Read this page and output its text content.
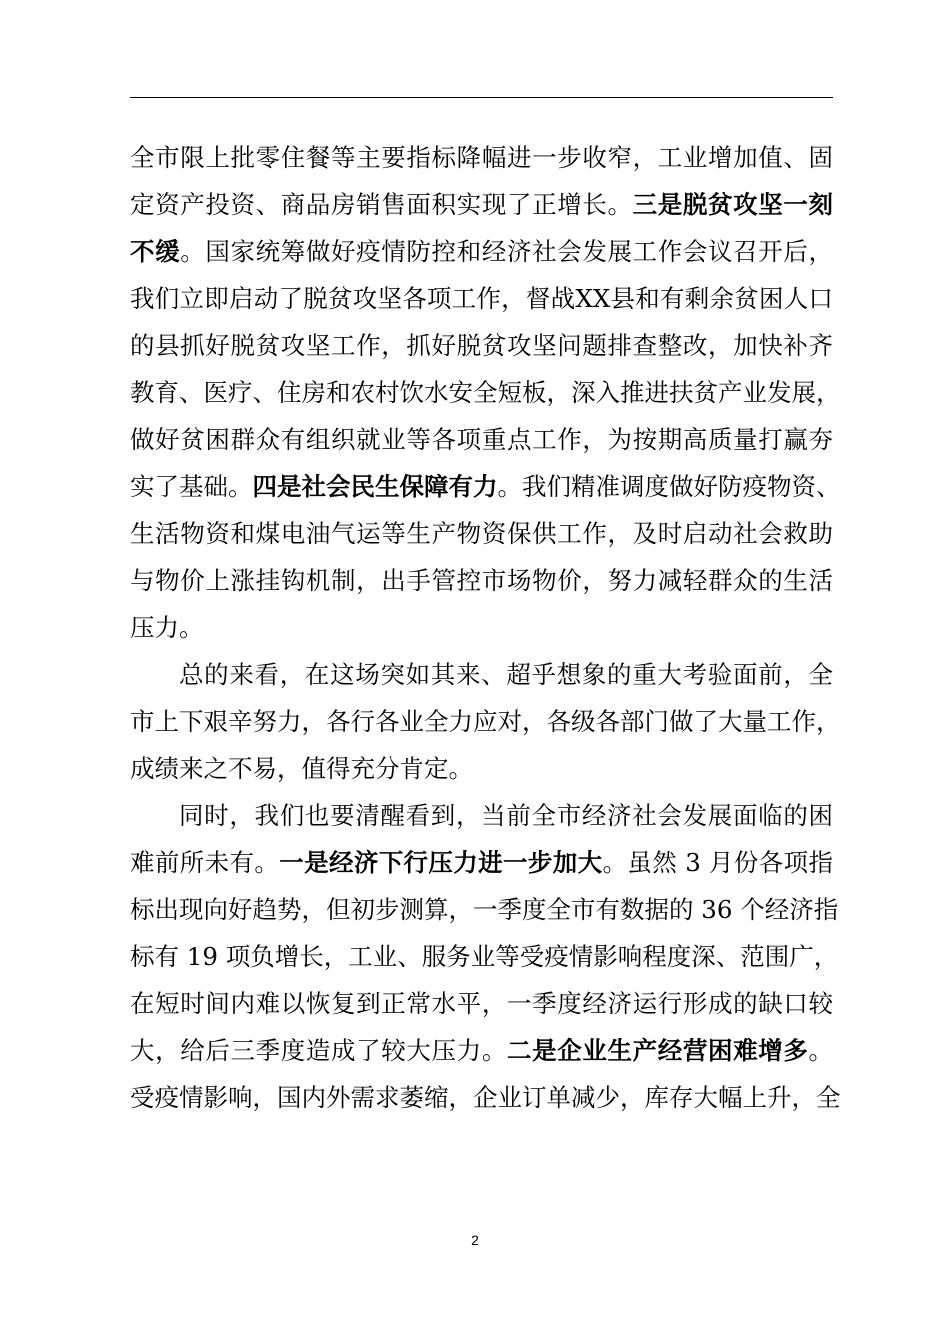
全市限上批零住餐等主要指标降幅进一步收窄，工业增加值、固
定资产投资、商品房销售面积实现了正增长。三是脱贫攻坚一刻
不缓。国家统筹做好疫情防控和经济社会发展工作会议召开后，
我们立即启动了脱贫攻坚各项工作，督战XX县和有剩余贫困人口
的县抓好脱贫攻坚工作，抓好脱贫攻坚问题排查整改，加快补齐
教育、医疗、住房和农村饮水安全短板，深入推进扶贫产业发展，
做好贫困群众有组织就业等各项重点工作，为按期高质量打赢夯
实了基础。四是社会民生保障有力。我们精准调度做好防疫物资、
生活物资和煤电油气运等生产物资保供工作，及时启动社会救助
与物价上涨挂钩机制，出手管控市场物价，努力减轻群众的生活
压力。
总的来看，在这场突如其来、超乎想象的重大考验面前，全
市上下艰辛努力，各行各业全力应对，各级各部门做了大量工作，
成绩来之不易，值得充分肯定。
同时，我们也要清醒看到，当前全市经济社会发展面临的困
难前所未有。一是经济下行压力进一步加大。虽然 3 月份各项指
标出现向好趋势，但初步测算，一季度全市有数据的 36 个经济指
标有 19 项负增长，工业、服务业等受疫情影响程度深、范围广，
在短时间内难以恢复到正常水平，一季度经济运行形成的缺口较
大，给后三季度造成了较大压力。二是企业生产经营困难增多。
受疫情影响，国内外需求萎缩，企业订单减少，库存大幅上升，全
2
